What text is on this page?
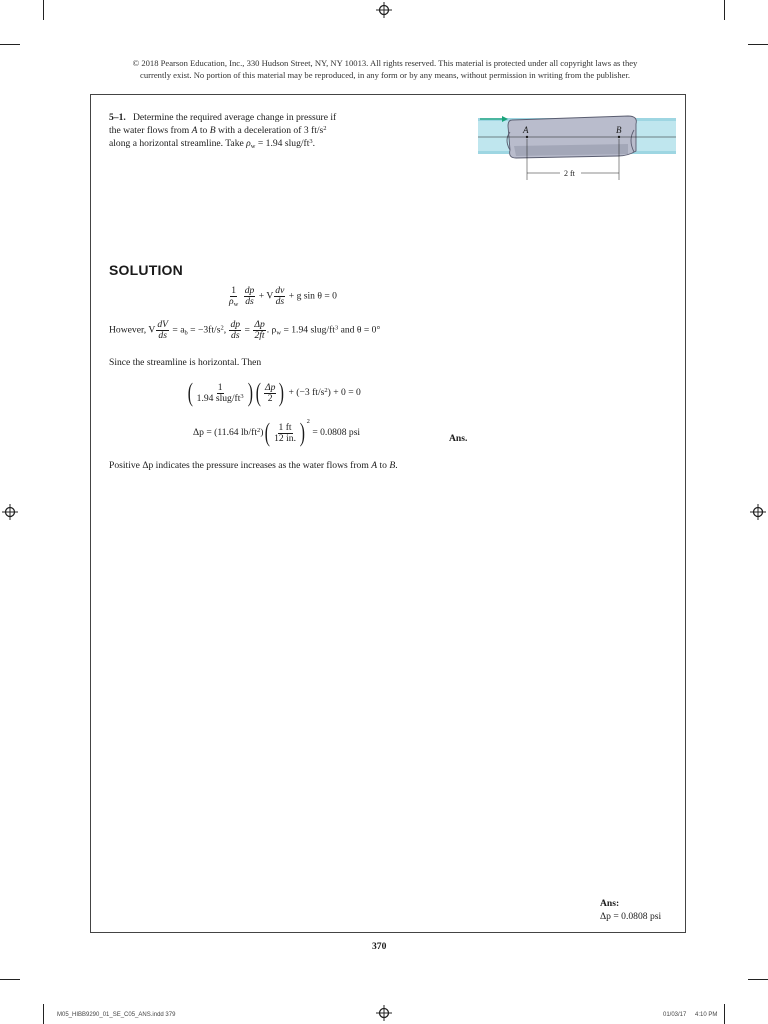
© 2018 Pearson Education, Inc., 330 Hudson Street, NY, NY 10013. All rights reserved. This material is protected under all copyright laws as they
currently exist. No portion of this material may be reproduced, in any form or by any means, without permission in writing from the publisher.
5–1. Determine the required average change in pressure if
the water flows from A to B with a deceleration of 3 $ft/s^2$
along a horizontal streamline. Take $\rho_w = 1.94$ slug/$ft^3$.
A	B
2 ft
SOLUTION
$\frac{1}{\rho_w}$
$\frac{dp}{ds} + V \frac{dv}{ds} + g$ sin θ = 0
However, V $\frac{dV}{ds} = a_b = -3ft/s^2$, $\frac{dp}{ds} = \frac{\Delta p}{2ft}$ . $\rho_w = 1.94$ slug/$ft^3$ and θ = 0°
Since the streamline is horizontal. Then
( $\frac{1}{1.94 slug/ft^3}$ ) ( $\frac{\Delta p}{2}$ ) + (−3 $ft/s^2) + 0 = 0$
Δp = (11.64 $lb/ft^2)( \frac{1 ft}{12 in.}$ ) $^2$ = 0.0808 psi
Ans.
Positive Δp indicates the pressure increases as the water flows from A to B.
Ans:
Δp = 0.0808 psi
370
M05_HIBB9290_01_SE_C05_ANS.indd 379	01/03/17 4:10 PM
